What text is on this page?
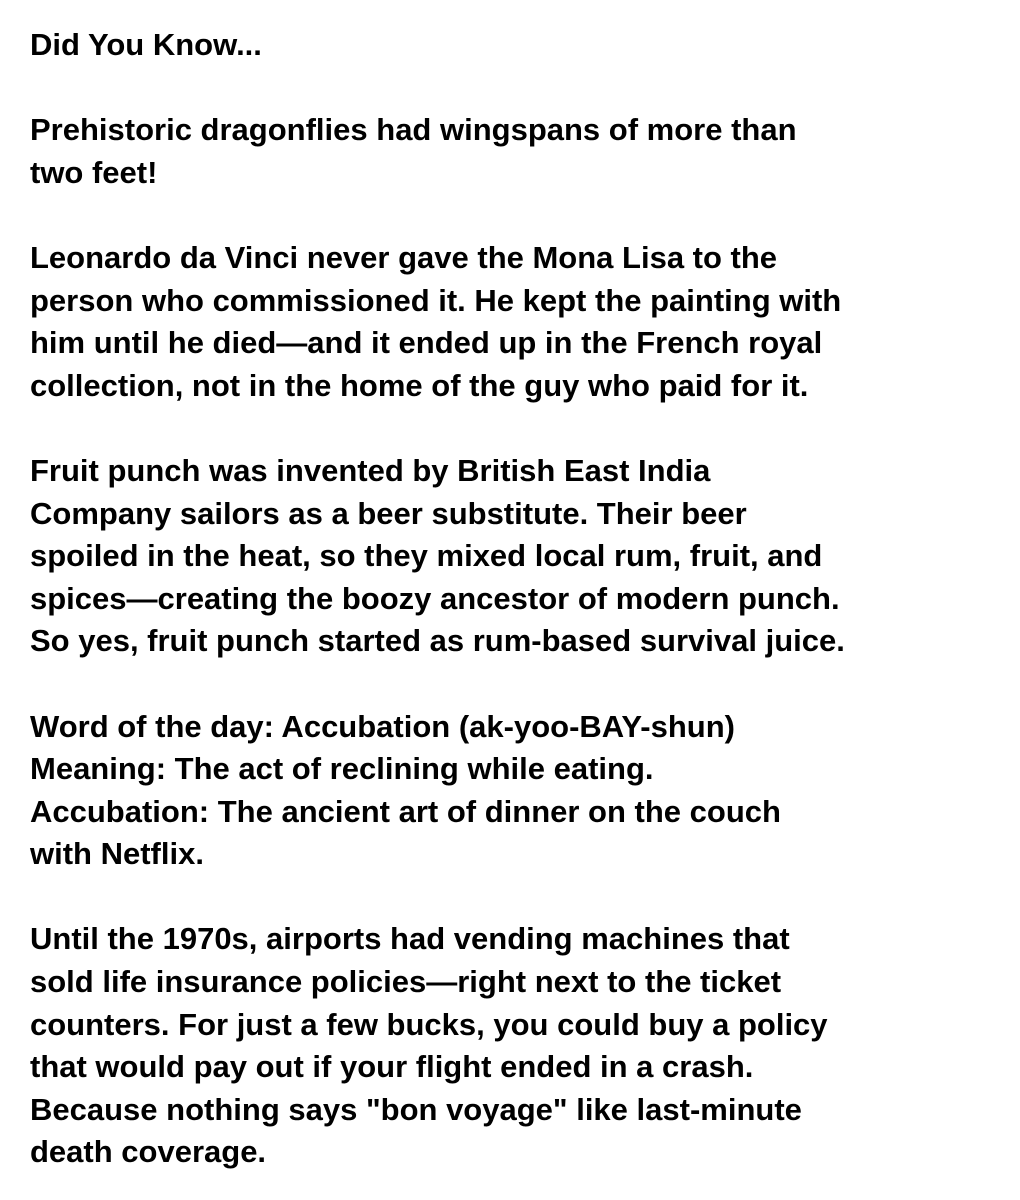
Did You Know...
Prehistoric dragonflies had wingspans of more than
two feet!
Leonardo da Vinci never gave the Mona Lisa to the
person who commissioned it. He kept the painting with
him until he died—and it ended up in the French royal
collection, not in the home of the guy who paid for it.
Fruit punch was invented by British East India
Company sailors as a beer substitute. Their beer
spoiled in the heat, so they mixed local rum, fruit, and
spices—creating the boozy ancestor of modern punch.
So yes, fruit punch started as rum-based survival juice.
Word of the day: Accubation (ak-yoo-BAY-shun)
Meaning: The act of reclining while eating.
Accubation: The ancient art of dinner on the couch
with Netflix.
Until the 1970s, airports had vending machines that
sold life insurance policies—right next to the ticket
counters. For just a few bucks, you could buy a policy
that would pay out if your flight ended in a crash.
Because nothing says "bon voyage" like last-minute
death coverage.
